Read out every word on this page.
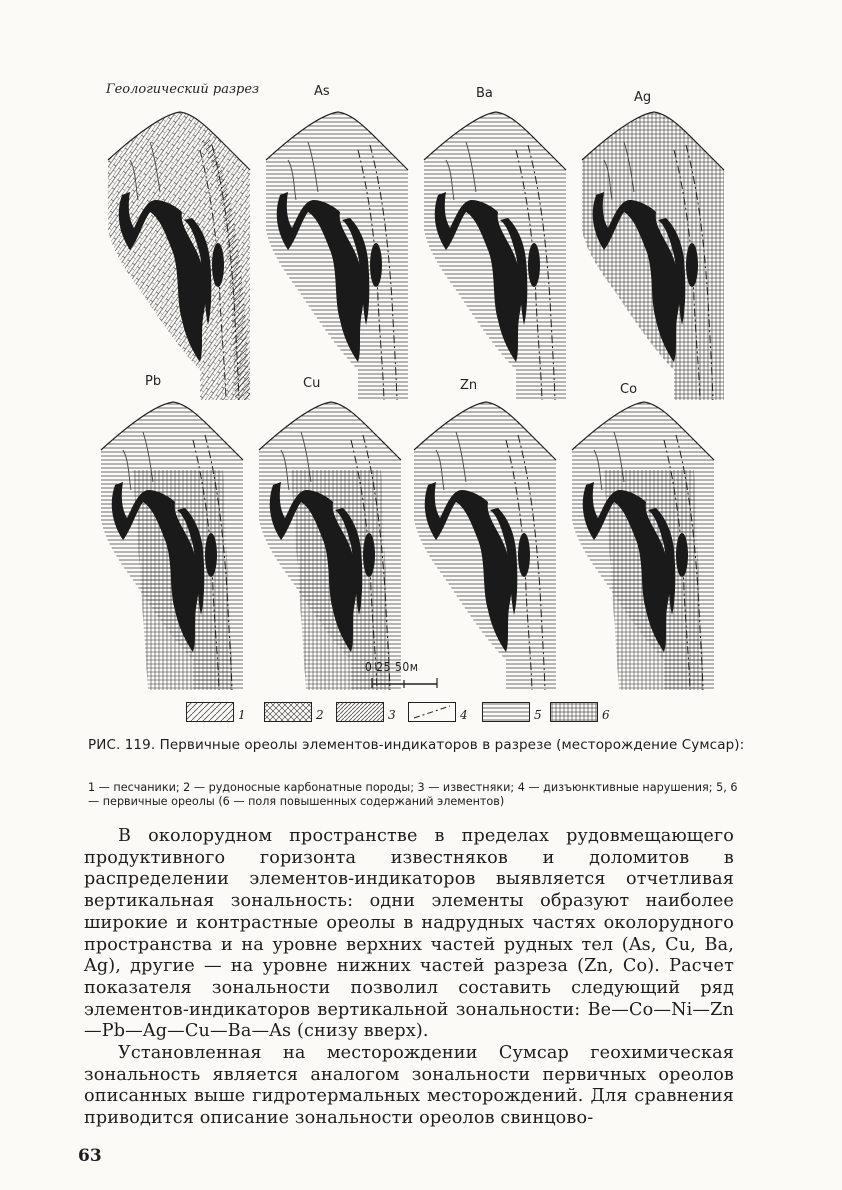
Геологический разрез	As	Ba	Ag
Pb	Cu	Zn	Co
0 25 50м
1	2	3	4	5	6
РИС. 119. Первичные ореолы элементов-индикаторов в разрезе (месторождение Сумсар):
1 — песчаники; 2 — рудоносные карбонатные породы; 3 — известняки; 4 — дизъюнктивные нарушения; 5, 6 — первичные ореолы (6 — поля повышенных содержаний элементов)

В околорудном пространстве в пределах рудовмещающего продуктивного горизонта известняков и доломитов в распределении элементов-индикаторов выявляется отчетливая вертикальная зональность: одни элементы образуют наиболее широкие и контрастные ореолы в надрудных частях околорудного пространства и на уровне верхних частей рудных тел (As, Cu, Ba, Ag), другие — на уровне нижних частей разреза (Zn, Co). Расчет показателя зональности позволил составить следующий ряд элементов-индикаторов вертикальной зональности: Be—Co—Ni—Zn—Pb—Ag—Cu—Ba—As (снизу вверх).

Установленная на месторождении Сумсар геохимическая зональность является аналогом зональности первичных ореолов описанных выше гидротермальных месторождений. Для сравнения приводится описание зональности ореолов свинцово-

63
